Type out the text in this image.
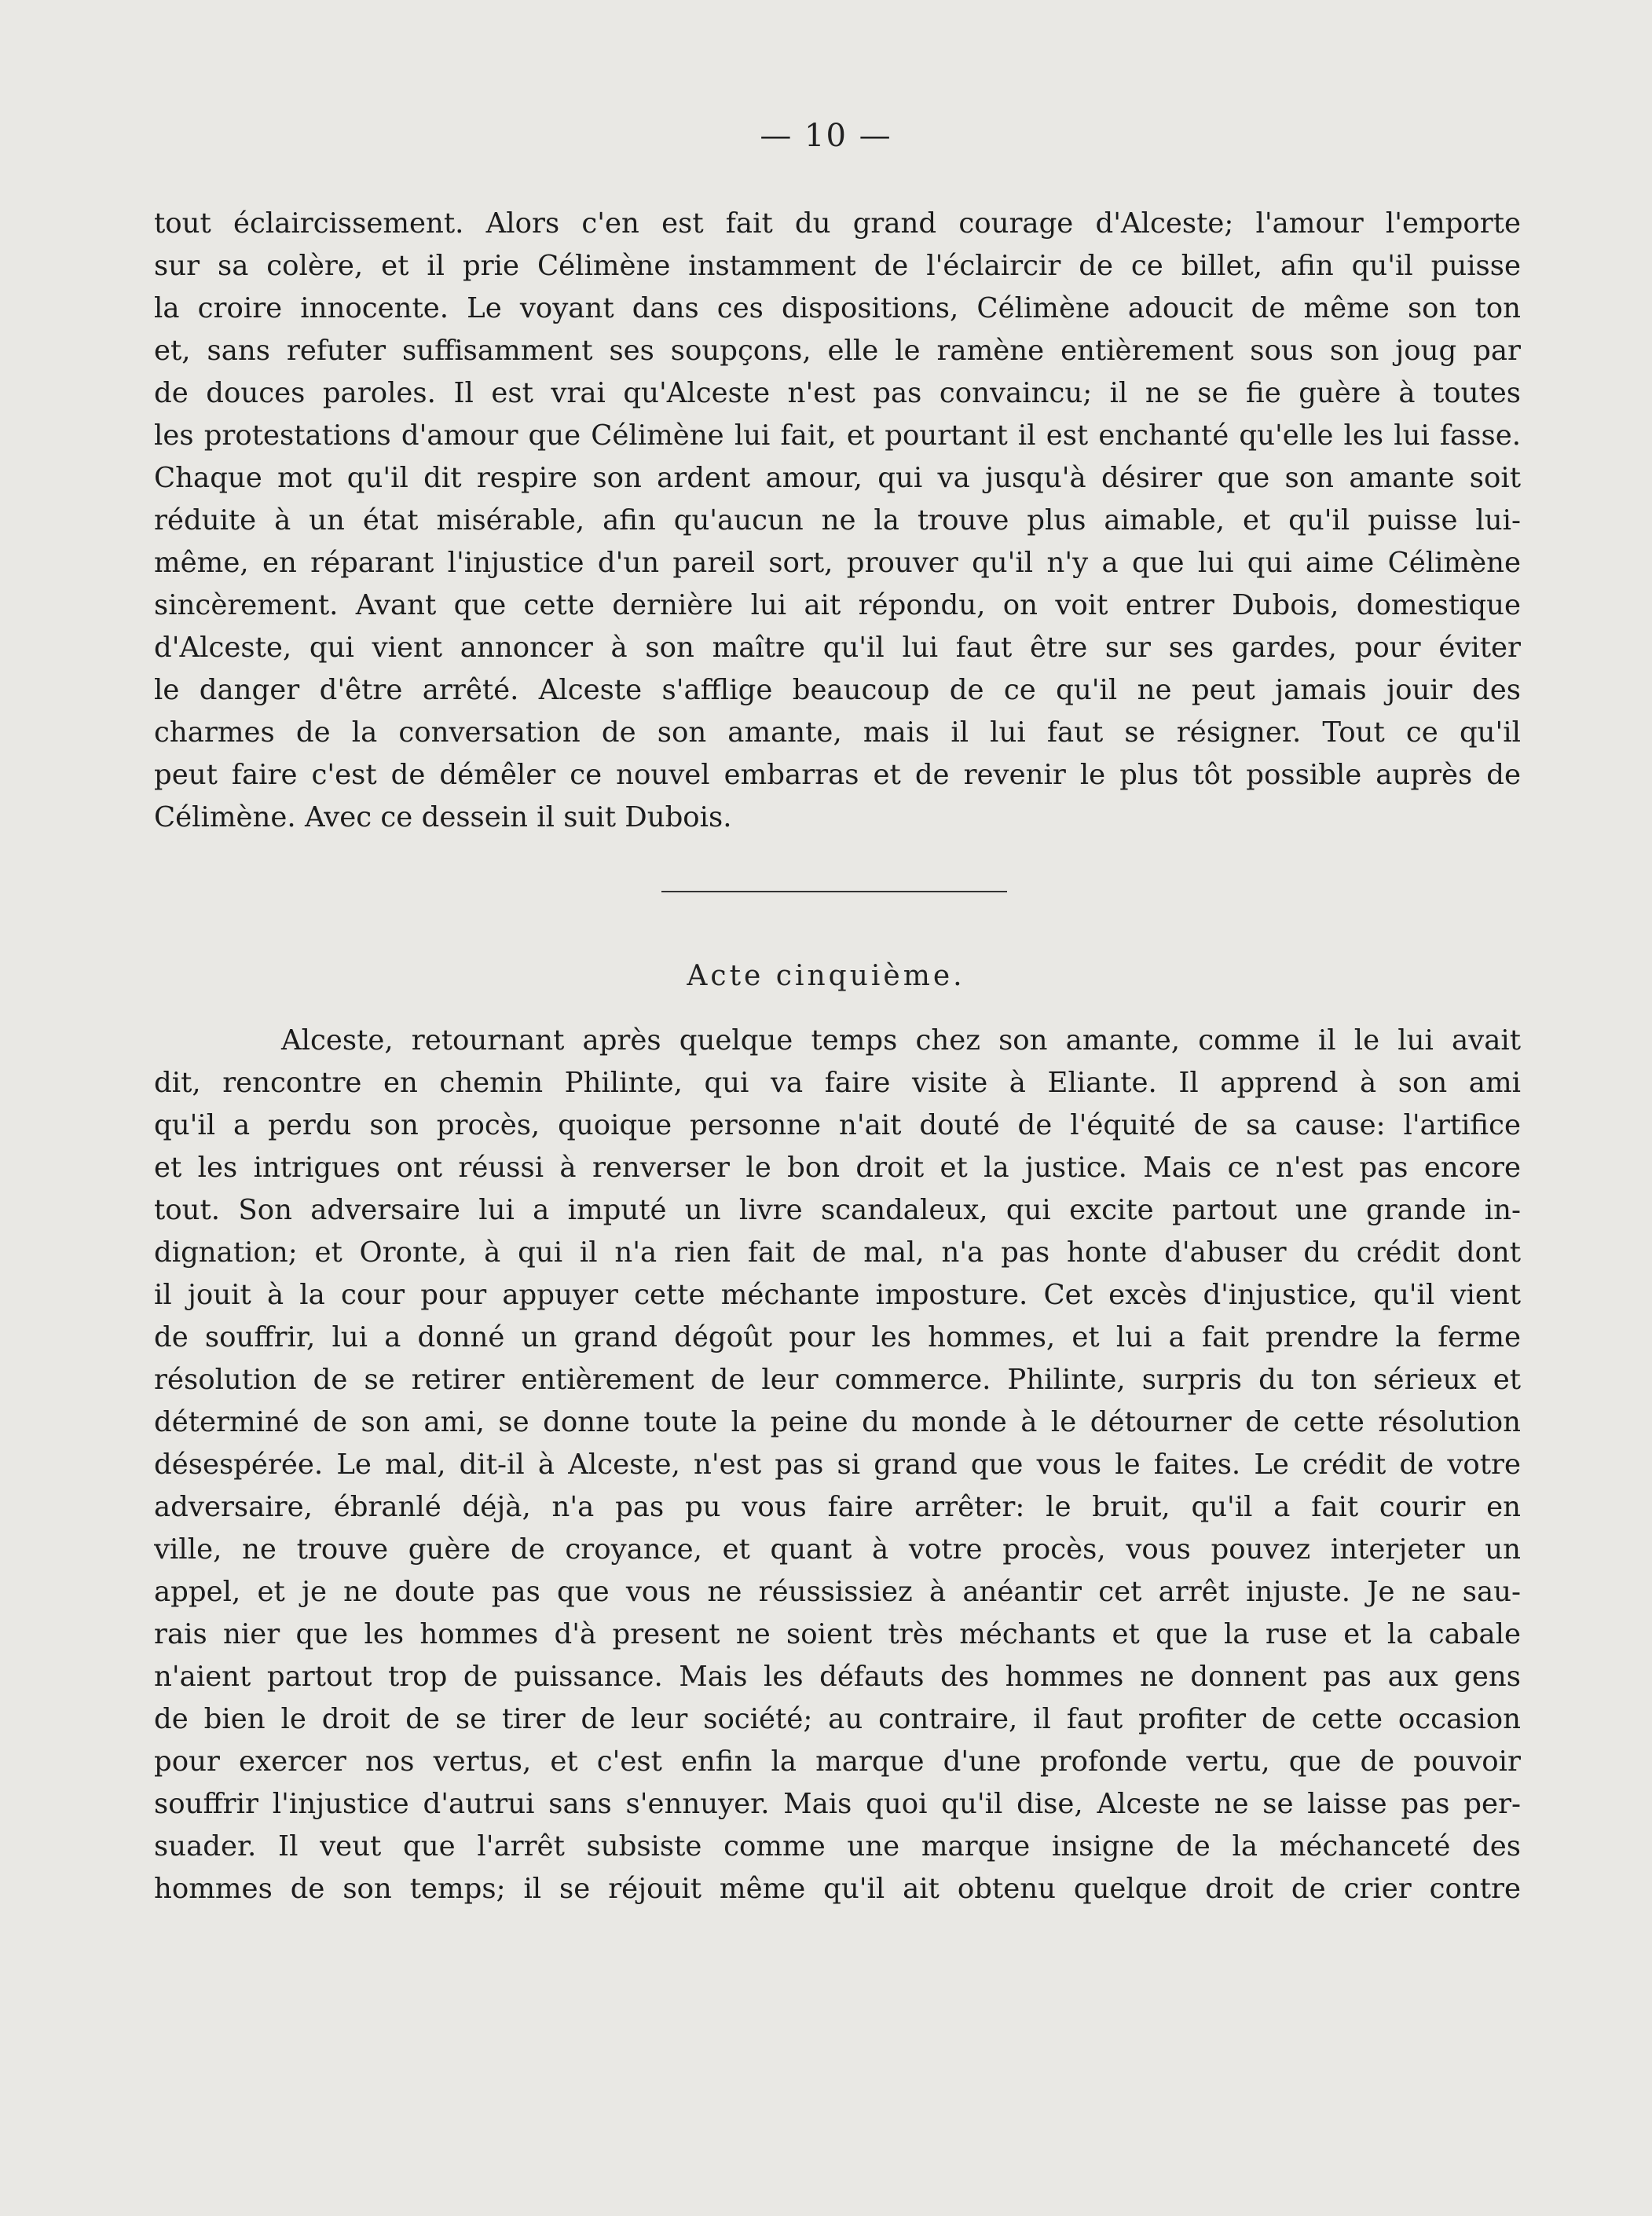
— 10 —
tout éclaircissement. Alors c'en est fait du grand courage d'Alceste; l'amour l'emporte
sur sa colère, et il prie Célimène instamment de l'éclaircir de ce billet, afin qu'il puisse
la croire innocente. Le voyant dans ces dispositions, Célimène adoucit de même son ton
et, sans refuter suffisamment ses soupçons, elle le ramène entièrement sous son joug par
de douces paroles. Il est vrai qu'Alceste n'est pas convaincu; il ne se fie guère à toutes
les protestations d'amour que Célimène lui fait, et pourtant il est enchanté qu'elle les lui fasse.
Chaque mot qu'il dit respire son ardent amour, qui va jusqu'à désirer que son amante soit
réduite à un état misérable, afin qu'aucun ne la trouve plus aimable, et qu'il puisse lui-
même, en réparant l'injustice d'un pareil sort, prouver qu'il n'y a que lui qui aime Célimène
sincèrement. Avant que cette dernière lui ait répondu, on voit entrer Dubois, domestique
d'Alceste, qui vient annoncer à son maître qu'il lui faut être sur ses gardes, pour éviter
le danger d'être arrêté. Alceste s'afflige beaucoup de ce qu'il ne peut jamais jouir des
charmes de la conversation de son amante, mais il lui faut se résigner. Tout ce qu'il
peut faire c'est de démêler ce nouvel embarras et de revenir le plus tôt possible auprès de
Célimène. Avec ce dessein il suit Dubois.
Acte cinquième.
Alceste, retournant après quelque temps chez son amante, comme il le lui avait
dit, rencontre en chemin Philinte, qui va faire visite à Eliante. Il apprend à son ami
qu'il a perdu son procès, quoique personne n'ait douté de l'équité de sa cause: l'artifice
et les intrigues ont réussi à renverser le bon droit et la justice. Mais ce n'est pas encore
tout. Son adversaire lui a imputé un livre scandaleux, qui excite partout une grande in-
dignation; et Oronte, à qui il n'a rien fait de mal, n'a pas honte d'abuser du crédit dont
il jouit à la cour pour appuyer cette méchante imposture. Cet excès d'injustice, qu'il vient
de souffrir, lui a donné un grand dégoût pour les hommes, et lui a fait prendre la ferme
résolution de se retirer entièrement de leur commerce. Philinte, surpris du ton sérieux et
déterminé de son ami, se donne toute la peine du monde à le détourner de cette résolution
désespérée. Le mal, dit-il à Alceste, n'est pas si grand que vous le faites. Le crédit de votre
adversaire, ébranlé déjà, n'a pas pu vous faire arrêter: le bruit, qu'il a fait courir en
ville, ne trouve guère de croyance, et quant à votre procès, vous pouvez interjeter un
appel, et je ne doute pas que vous ne réussissiez à anéantir cet arrêt injuste. Je ne sau-
rais nier que les hommes d'à present ne soient très méchants et que la ruse et la cabale
n'aient partout trop de puissance. Mais les défauts des hommes ne donnent pas aux gens
de bien le droit de se tirer de leur société; au contraire, il faut profiter de cette occasion
pour exercer nos vertus, et c'est enfin la marque d'une profonde vertu, que de pouvoir
souffrir l'injustice d'autrui sans s'ennuyer. Mais quoi qu'il dise, Alceste ne se laisse pas per-
suader. Il veut que l'arrêt subsiste comme une marque insigne de la méchanceté des
hommes de son temps; il se réjouit même qu'il ait obtenu quelque droit de crier contre
